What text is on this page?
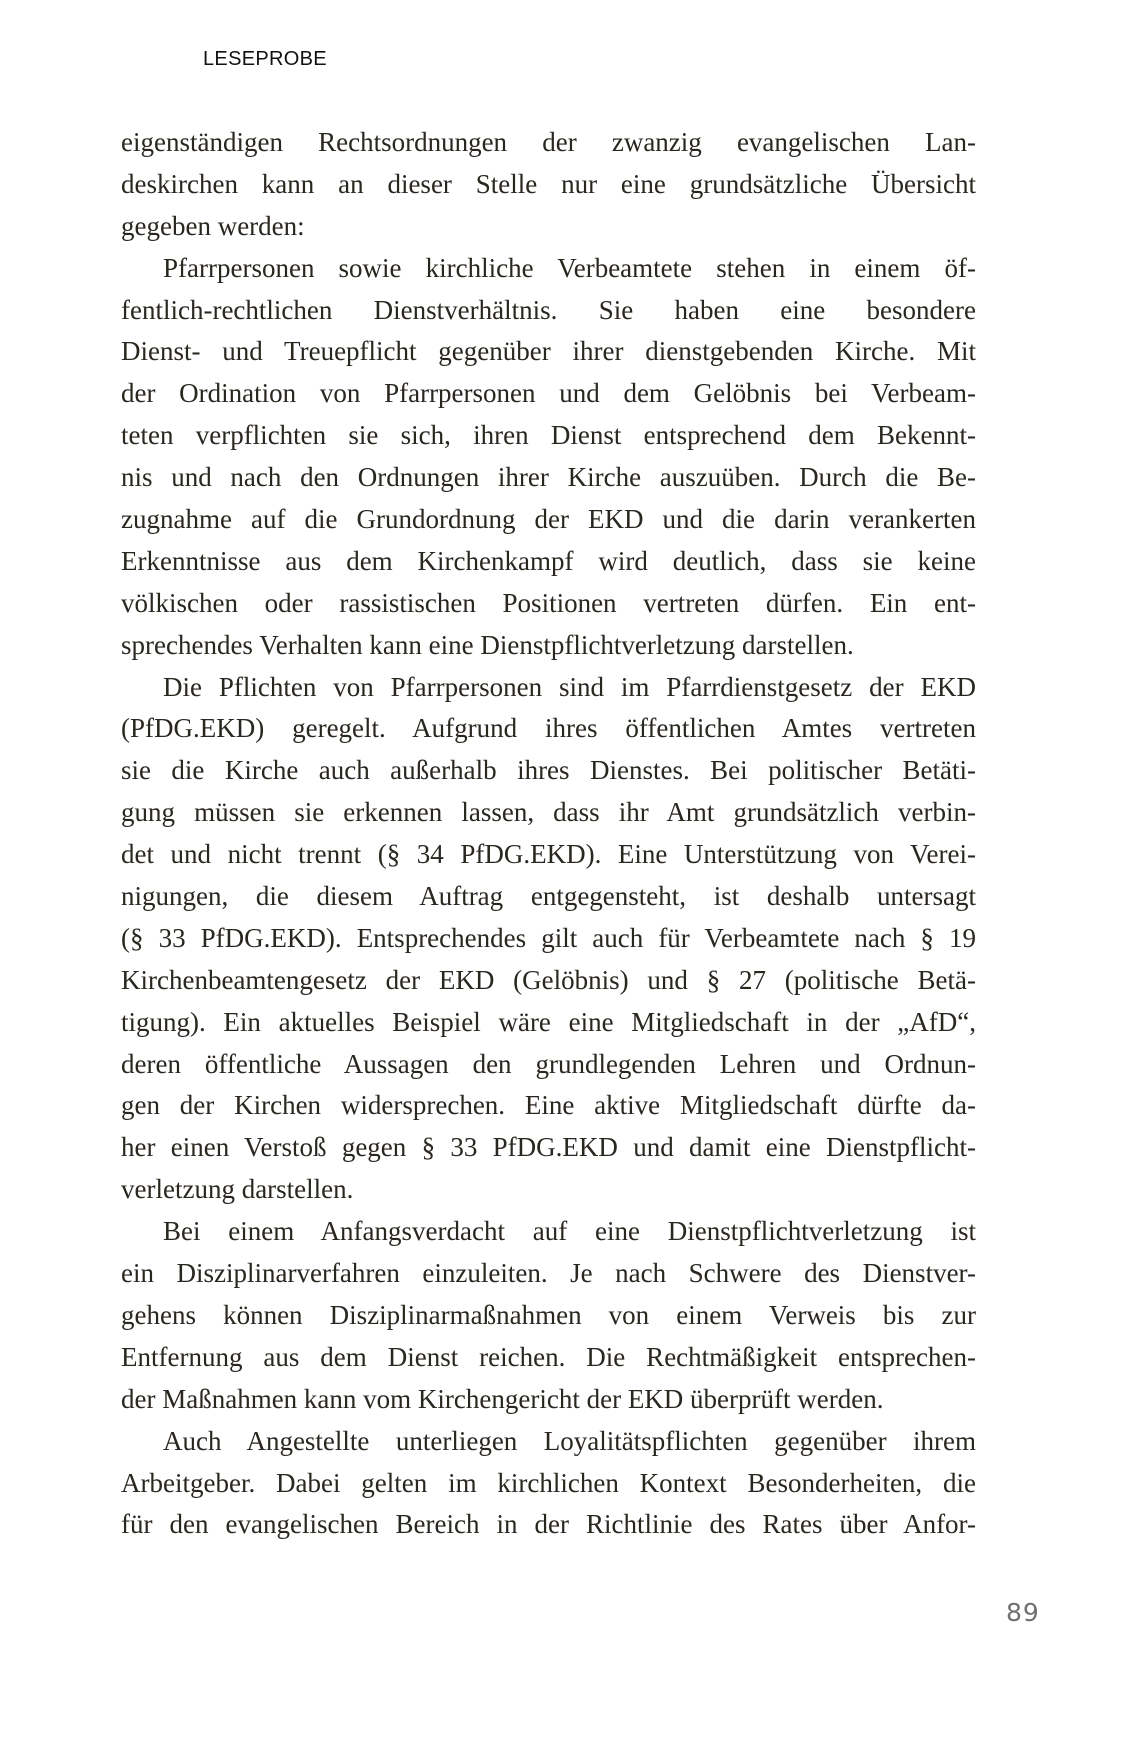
LESEPROBE
eigenständigen Rechtsordnungen der zwanzig evangelischen Lan-
deskirchen kann an dieser Stelle nur eine grundsätzliche Übersicht
gegeben werden:
Pfarrpersonen sowie kirchliche Verbeamtete stehen in einem öf-
fentlich-rechtlichen Dienstverhältnis. Sie haben eine besondere
Dienst- und Treuepflicht gegenüber ihrer dienstgebenden Kirche. Mit
der Ordination von Pfarrpersonen und dem Gelöbnis bei Verbeam-
teten verpflichten sie sich, ihren Dienst entsprechend dem Bekennt-
nis und nach den Ordnungen ihrer Kirche auszuüben. Durch die Be-
zugnahme auf die Grundordnung der EKD und die darin verankerten
Erkenntnisse aus dem Kirchenkampf wird deutlich, dass sie keine
völkischen oder rassistischen Positionen vertreten dürfen. Ein ent-
sprechendes Verhalten kann eine Dienstpflichtverletzung darstellen.
Die Pflichten von Pfarrpersonen sind im Pfarrdienstgesetz der EKD
(PfDG.EKD) geregelt. Aufgrund ihres öffentlichen Amtes vertreten
sie die Kirche auch außerhalb ihres Dienstes. Bei politischer Betäti-
gung müssen sie erkennen lassen, dass ihr Amt grundsätzlich verbin-
det und nicht trennt (§ 34 PfDG.EKD). Eine Unterstützung von Verei-
nigungen, die diesem Auftrag entgegensteht, ist deshalb untersagt
(§ 33 PfDG.EKD). Entsprechendes gilt auch für Verbeamtete nach § 19
Kirchenbeamtengesetz der EKD (Gelöbnis) und § 27 (politische Betä-
tigung). Ein aktuelles Beispiel wäre eine Mitgliedschaft in der „AfD“,
deren öffentliche Aussagen den grundlegenden Lehren und Ordnun-
gen der Kirchen widersprechen. Eine aktive Mitgliedschaft dürfte da-
her einen Verstoß gegen § 33 PfDG.EKD und damit eine Dienstpflicht-
verletzung darstellen.
Bei einem Anfangsverdacht auf eine Dienstpflichtverletzung ist
ein Disziplinarverfahren einzuleiten. Je nach Schwere des Dienstver-
gehens können Disziplinarmaßnahmen von einem Verweis bis zur
Entfernung aus dem Dienst reichen. Die Rechtmäßigkeit entsprechen-
der Maßnahmen kann vom Kirchengericht der EKD überprüft werden.
Auch Angestellte unterliegen Loyalitätspflichten gegenüber ihrem
Arbeitgeber. Dabei gelten im kirchlichen Kontext Besonderheiten, die
für den evangelischen Bereich in der Richtlinie des Rates über Anfor-
89
